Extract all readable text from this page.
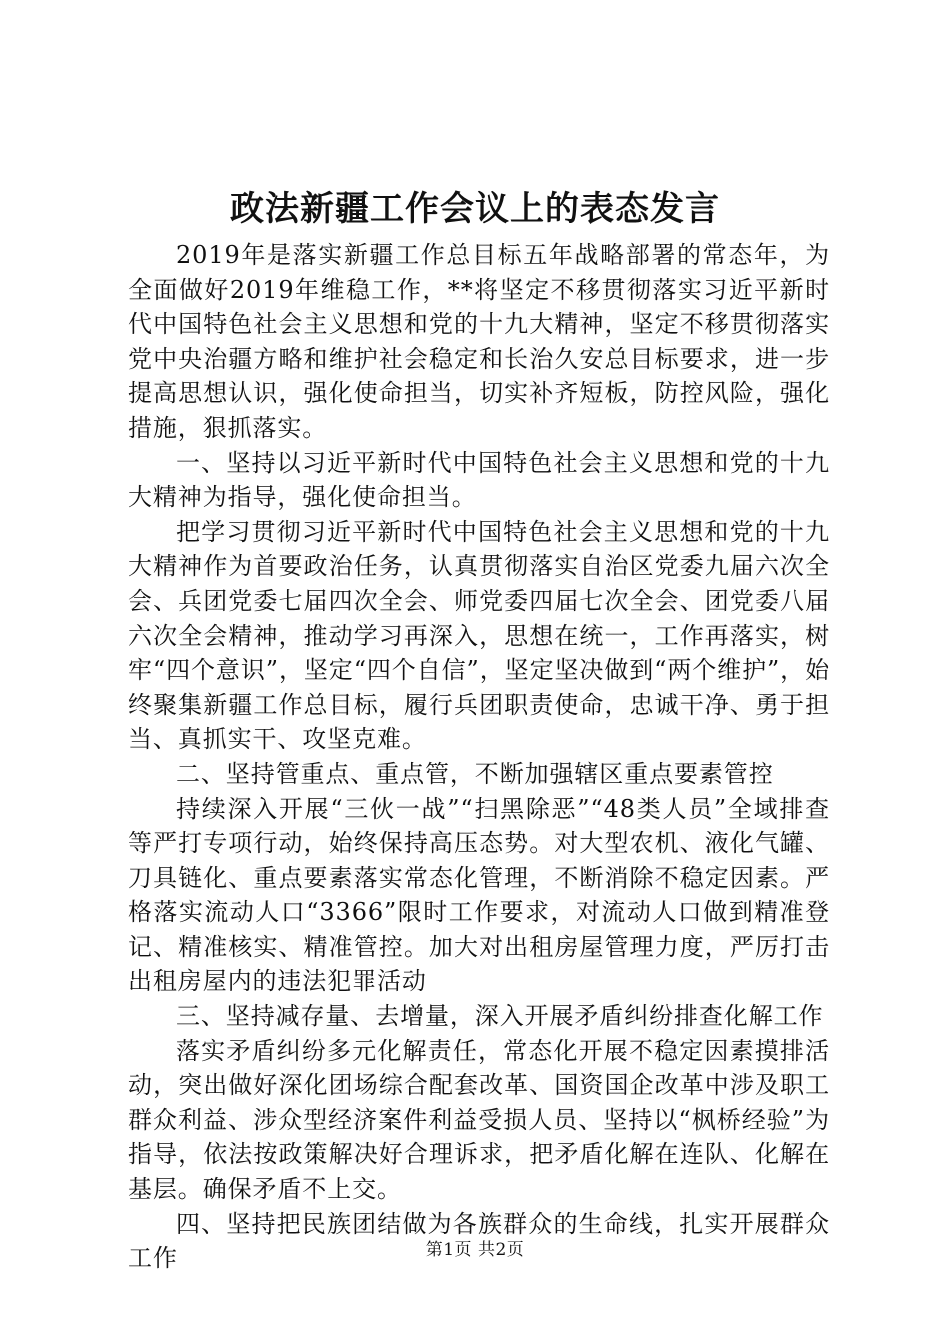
政法新疆工作会议上的表态发言

2019年是落实新疆工作总目标五年战略部署的常态年，为全面做好2019年维稳工作，**将坚定不移贯彻落实习近平新时代中国特色社会主义思想和党的十九大精神，坚定不移贯彻落实党中央治疆方略和维护社会稳定和长治久安总目标要求，进一步提高思想认识，强化使命担当，切实补齐短板，防控风险，强化措施，狠抓落实。

一、坚持以习近平新时代中国特色社会主义思想和党的十九大精神为指导，强化使命担当。

把学习贯彻习近平新时代中国特色社会主义思想和党的十九大精神作为首要政治任务，认真贯彻落实自治区党委九届六次全会、兵团党委七届四次全会、师党委四届七次全会、团党委八届六次全会精神，推动学习再深入，思想在统一，工作再落实，树牢“四个意识”，坚定“四个自信”，坚定坚决做到“两个维护”，始终聚集新疆工作总目标，履行兵团职责使命，忠诚干净、勇于担当、真抓实干、攻坚克难。

二、坚持管重点、重点管，不断加强辖区重点要素管控

持续深入开展“三伙一战”“扫黑除恶”“48类人员”全域排查等严打专项行动，始终保持高压态势。对大型农机、液化气罐、刀具链化、重点要素落实常态化管理，不断消除不稳定因素。严格落实流动人口“3366”限时工作要求，对流动人口做到精准登记、精准核实、精准管控。加大对出租房屋管理力度，严厉打击出租房屋内的违法犯罪活动

三、坚持减存量、去增量，深入开展矛盾纠纷排查化解工作

落实矛盾纠纷多元化解责任，常态化开展不稳定因素摸排活动，突出做好深化团场综合配套改革、国资国企改革中涉及职工群众利益、涉众型经济案件利益受损人员、坚持以“枫桥经验”为指导，依法按政策解决好合理诉求，把矛盾化解在连队、化解在基层。确保矛盾不上交。

四、坚持把民族团结做为各族群众的生命线，扎实开展群众工作	第1页 共2页
